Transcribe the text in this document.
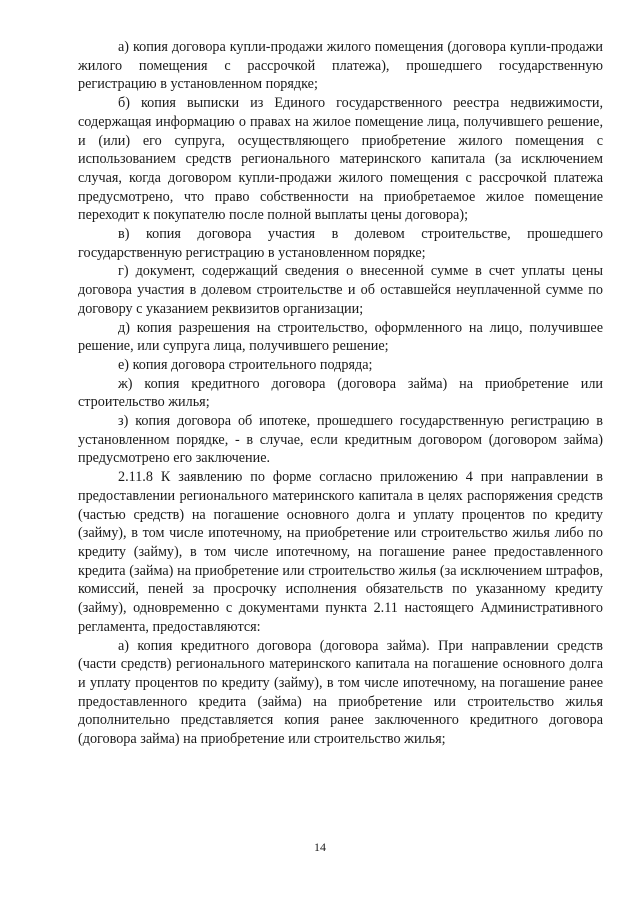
а) копия договора купли-продажи жилого помещения (договора купли-продажи жилого помещения с рассрочкой платежа), прошедшего государственную регистрацию в установленном порядке;

б) копия выписки из Единого государственного реестра недвижимости, содержащая информацию о правах на жилое помещение лица, получившего решение, и (или) его супруга, осуществляющего приобретение жилого помещения с использованием средств регионального материнского капитала (за исключением случая, когда договором купли-продажи жилого помещения с рассрочкой платежа предусмотрено, что право собственности на приобретаемое жилое помещение переходит к покупателю после полной выплаты цены договора);

в) копия договора участия в долевом строительстве, прошедшего государственную регистрацию в установленном порядке;

г) документ, содержащий сведения о внесенной сумме в счет уплаты цены договора участия в долевом строительстве и об оставшейся неуплаченной сумме по договору с указанием реквизитов организации;

д) копия разрешения на строительство, оформленного на лицо, получившее решение, или супруга лица, получившего решение;

е) копия договора строительного подряда;

ж) копия кредитного договора (договора займа) на приобретение или строительство жилья;

з) копия договора об ипотеке, прошедшего государственную регистрацию в установленном порядке, - в случае, если кредитным договором (договором займа) предусмотрено его заключение.

2.11.8 К заявлению по форме согласно приложению 4 при направлении в предоставлении регионального материнского капитала в целях распоряжения средств (частью средств) на погашение основного долга и уплату процентов по кредиту (займу), в том числе ипотечному, на приобретение или строительство жилья либо по кредиту (займу), в том числе ипотечному, на погашение ранее предоставленного кредита (займа) на приобретение или строительство жилья (за исключением штрафов, комиссий, пеней за просрочку исполнения обязательств по указанному кредиту (займу), одновременно с документами пункта 2.11 настоящего Административного регламента, предоставляются:

а) копия кредитного договора (договора займа). При направлении средств (части средств) регионального материнского капитала на погашение основного долга и уплату процентов по кредиту (займу), в том числе ипотечному, на погашение ранее предоставленного кредита (займа) на приобретение или строительство жилья дополнительно представляется копия ранее заключенного кредитного договора (договора займа) на приобретение или строительство жилья;

14
